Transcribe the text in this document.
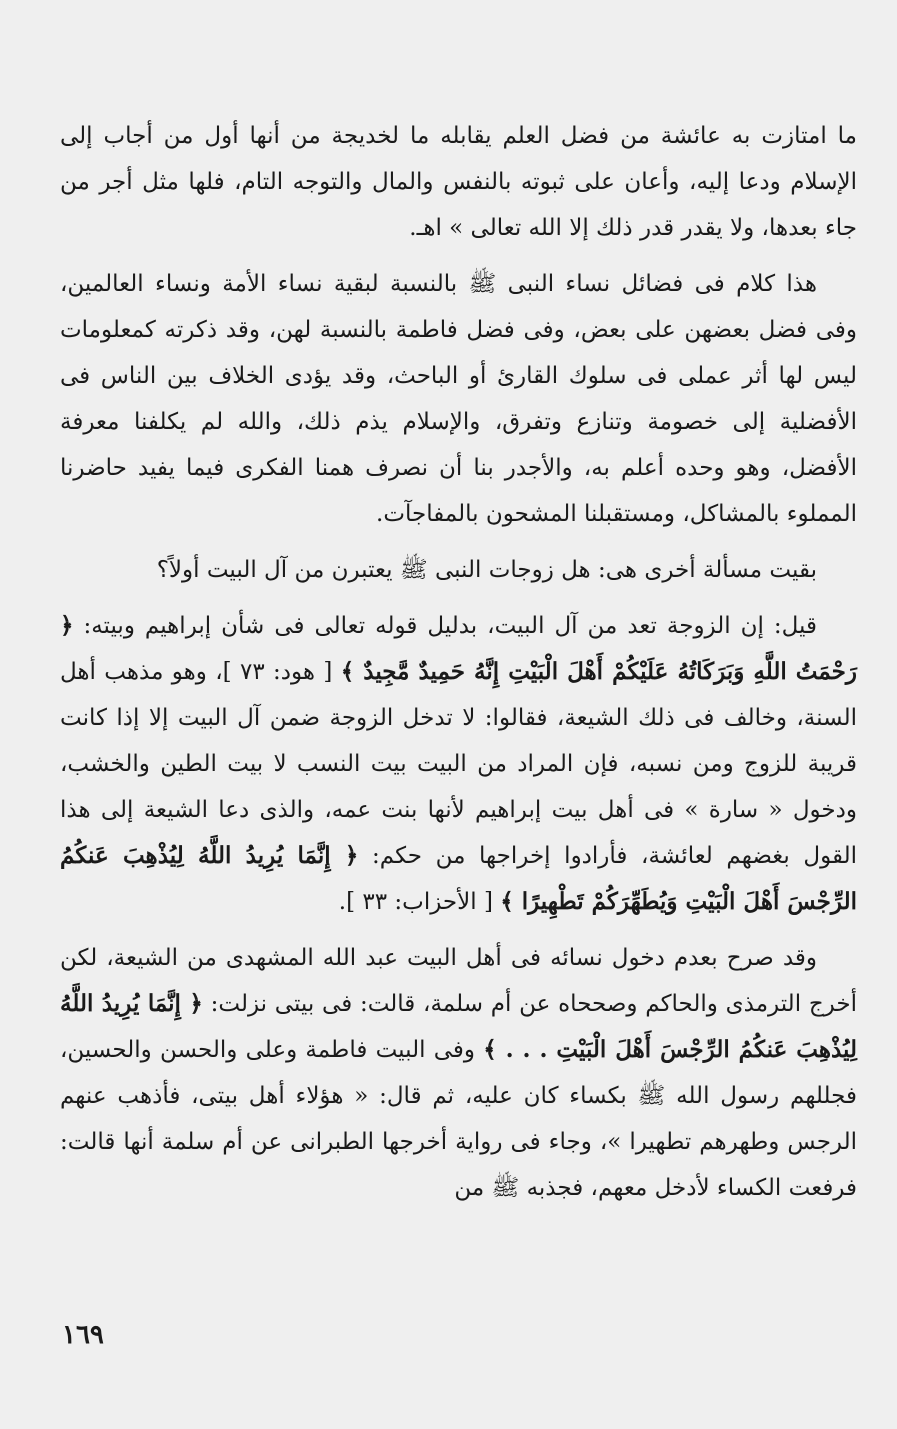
ما امتازت به عائشة من فضل العلم يقابله ما لخديجة من أنها أول من أجاب إلى الإسلام ودعا إليه، وأعان على ثبوته بالنفس والمال والتوجه التام، فلها مثل أجر من جاء بعدها، ولا يقدر قدر ذلك إلا الله تعالى » اهـ.

هذا كلام فى فضائل نساء النبى ﷺ بالنسبة لبقية نساء الأمة ونساء العالمين، وفى فضل بعضهن على بعض، وفى فضل فاطمة بالنسبة لهن، وقد ذكرته كمعلومات ليس لها أثر عملى فى سلوك القارئ أو الباحث، وقد يؤدى الخلاف بين الناس فى الأفضلية إلى خصومة وتنازع وتفرق، والإسلام يذم ذلك، والله لم يكلفنا معرفة الأفضل، وهو وحده أعلم به، والأجدر بنا أن نصرف همنا الفكرى فيما يفيد حاضرنا المملوء بالمشاكل، ومستقبلنا المشحون بالمفاجآت.

بقيت مسألة أخرى هى: هل زوجات النبى ﷺ يعتبرن من آل البيت أولاً؟

قيل: إن الزوجة تعد من آل البيت، بدليل قوله تعالى فى شأن إبراهيم وبيته: ﴿ رَحْمَتُ اللَّهِ وَبَرَكَاتُهُ عَلَيْكُمْ أَهْلَ الْبَيْتِ إِنَّهُ حَمِيدٌ مَّجِيدٌ ﴾ [ هود: ٧٣ ]، وهو مذهب أهل السنة، وخالف فى ذلك الشيعة، فقالوا: لا تدخل الزوجة ضمن آل البيت إلا إذا كانت قريبة للزوج ومن نسبه، فإن المراد من البيت بيت النسب لا بيت الطين والخشب، ودخول « سارة » فى أهل بيت إبراهيم لأنها بنت عمه، والذى دعا الشيعة إلى هذا القول بغضهم لعائشة، فأرادوا إخراجها من حكم: ﴿ إِنَّمَا يُرِيدُ اللَّهُ لِيُذْهِبَ عَنكُمُ الرِّجْسَ أَهْلَ الْبَيْتِ وَيُطَهِّرَكُمْ تَطْهِيرًا ﴾ [ الأحزاب: ٣٣ ].

وقد صرح بعدم دخول نسائه فى أهل البيت عبد الله المشهدى من الشيعة، لكن أخرج الترمذى والحاكم وصححاه عن أم سلمة، قالت: فى بيتى نزلت: ﴿ إِنَّمَا يُرِيدُ اللَّهُ لِيُذْهِبَ عَنكُمُ الرِّجْسَ أَهْلَ الْبَيْتِ . . . ﴾ وفى البيت فاطمة وعلى والحسن والحسين، فجللهم رسول الله ﷺ بكساء كان عليه، ثم قال: « هؤلاء أهل بيتى، فأذهب عنهم الرجس وطهرهم تطهيرا »، وجاء فى رواية أخرجها الطبرانى عن أم سلمة أنها قالت: فرفعت الكساء لأدخل معهم، فجذبه ﷺ من

١٦٩
